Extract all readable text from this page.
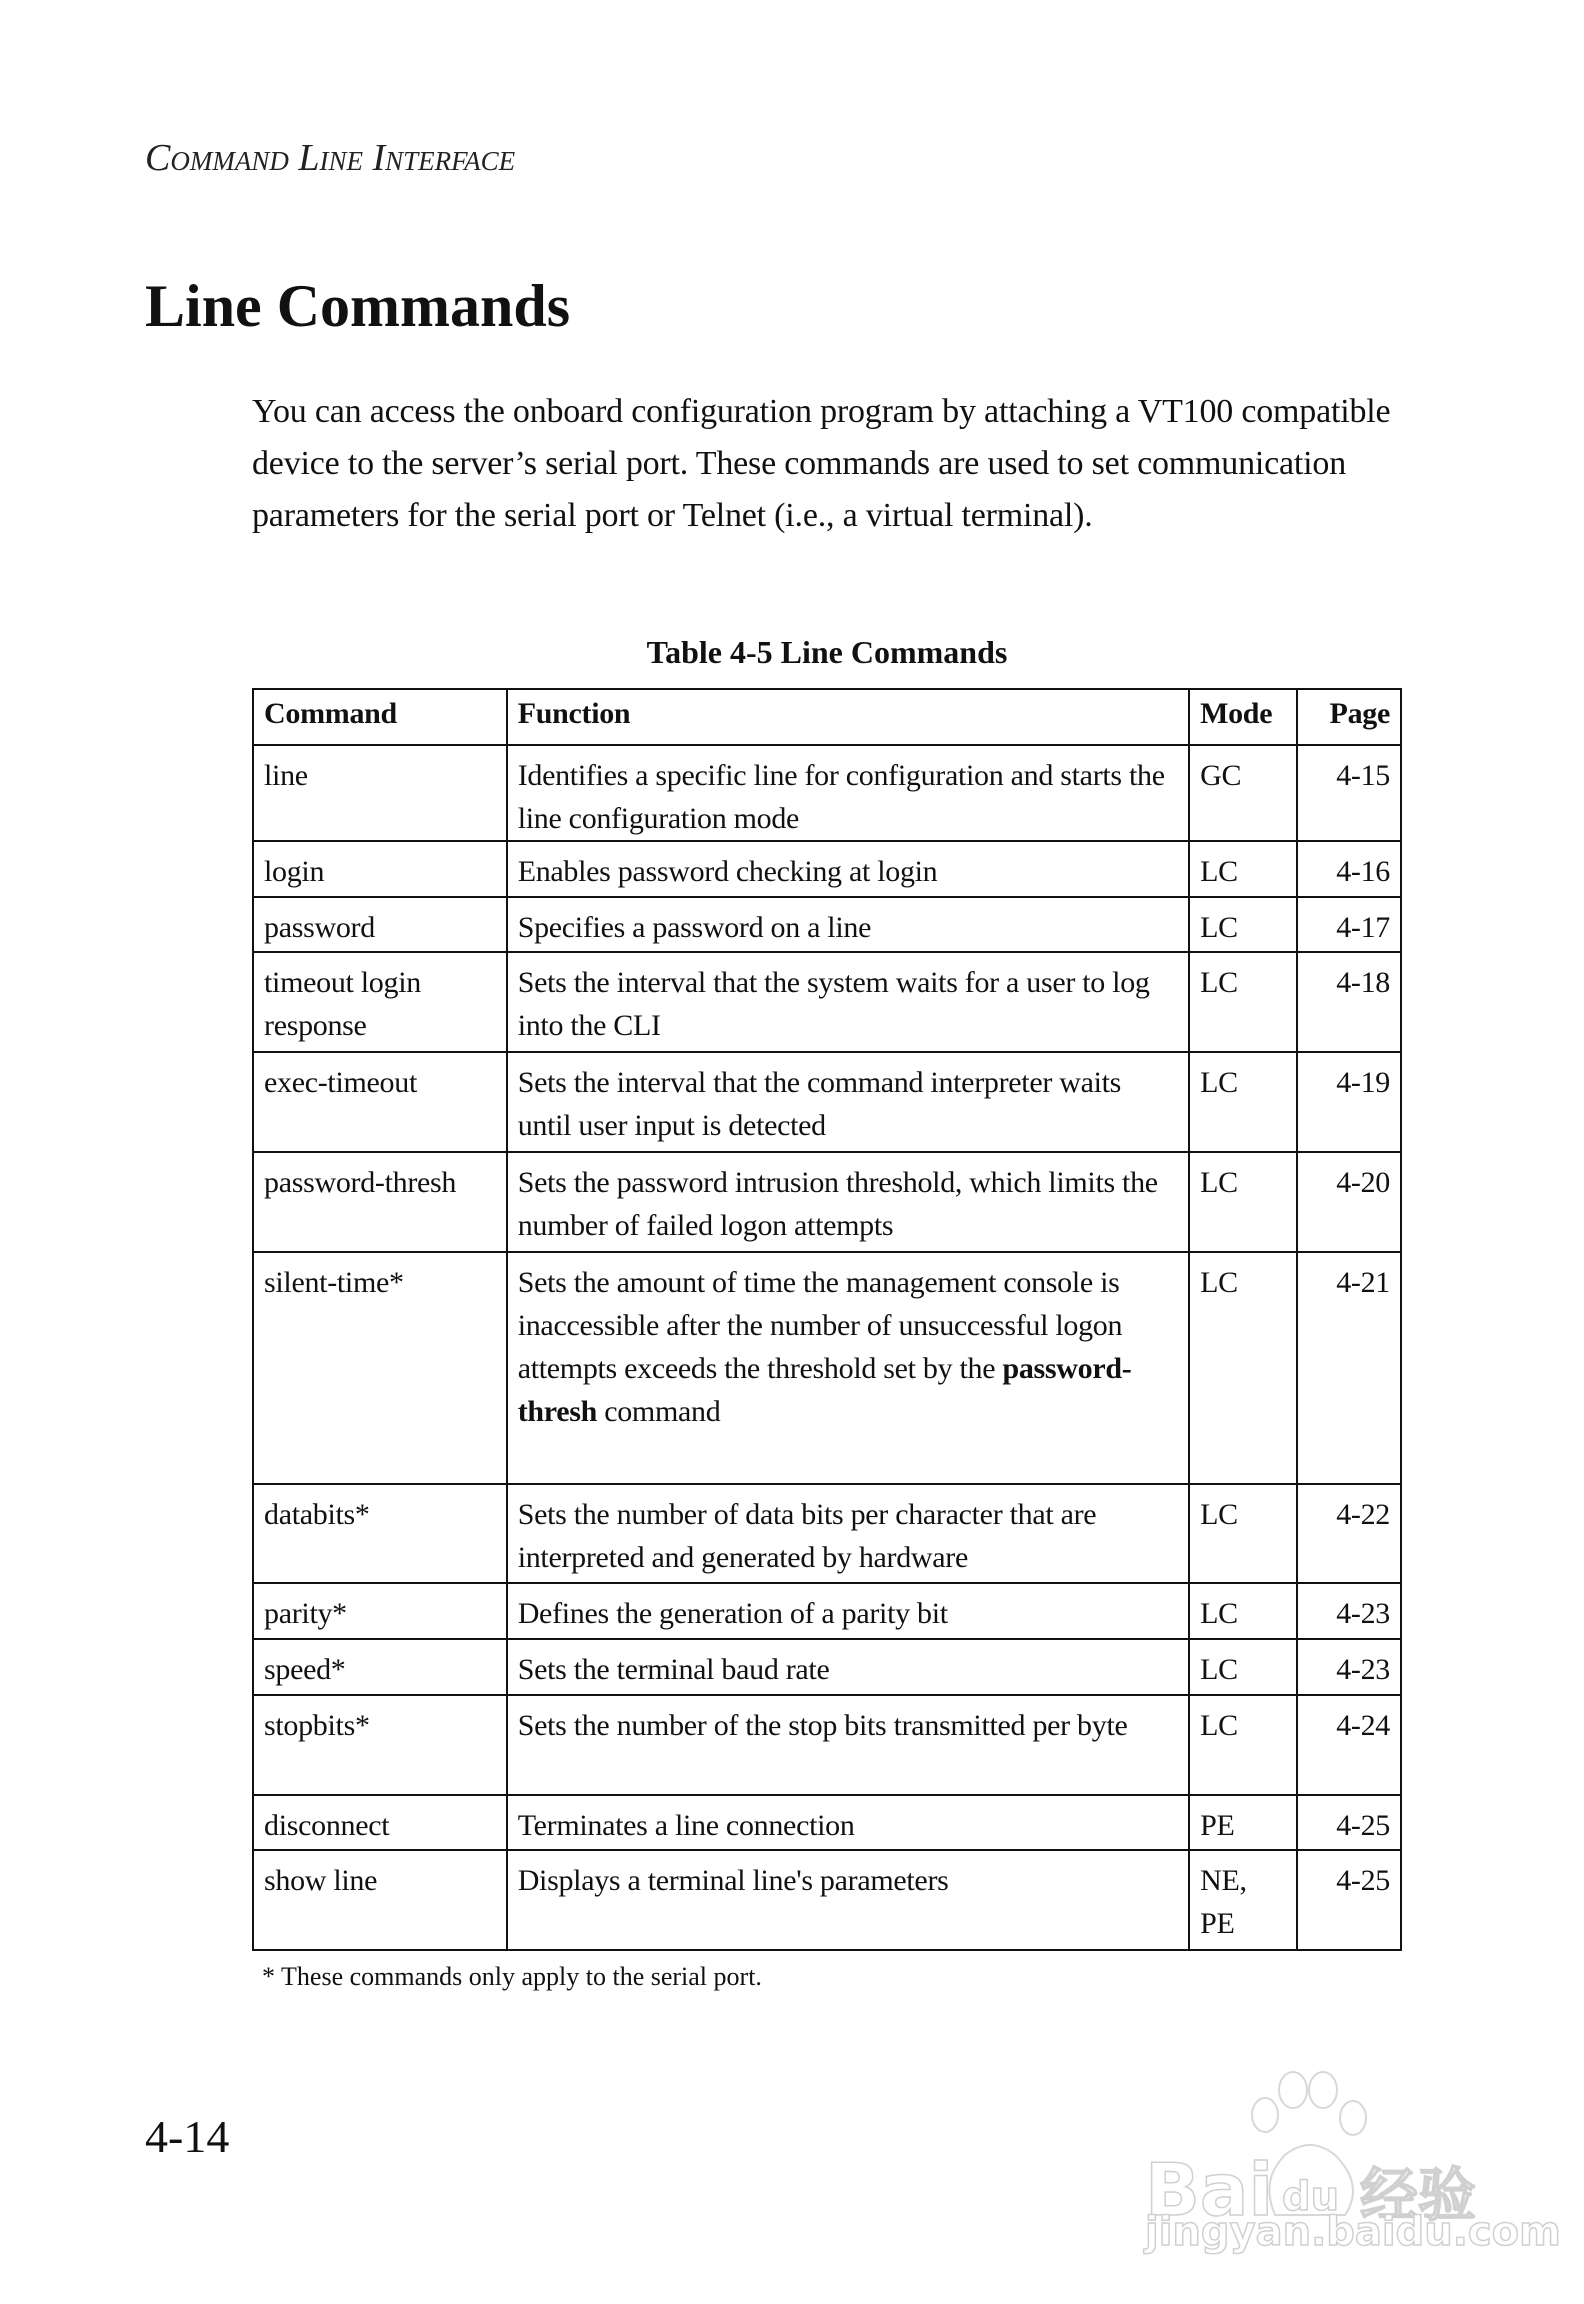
Command Line Interface
Line Commands

You can access the onboard configuration program by attaching a VT100 compatible device to the server’s serial port. These commands are used to set communication parameters for the serial port or Telnet (i.e., a virtual terminal).

Table 4-5 Line Commands
Command	Function	Mode	Page
line	Identifies a specific line for configuration and starts the line configuration mode	GC	4-15
login	Enables password checking at login	LC	4-16
password	Specifies a password on a line	LC	4-17
timeout login response	Sets the interval that the system waits for a user to log into the CLI	LC	4-18
exec-timeout	Sets the interval that the command interpreter waits until user input is detected	LC	4-19
password-thresh	Sets the password intrusion threshold, which limits the number of failed logon attempts	LC	4-20
silent-time*	Sets the amount of time the management console is inaccessible after the number of unsuccessful logon attempts exceeds the threshold set by the password-thresh command	LC	4-21
databits*	Sets the number of data bits per character that are interpreted and generated by hardware	LC	4-22
parity*	Defines the generation of a parity bit	LC	4-23
speed*	Sets the terminal baud rate	LC	4-23
stopbits*	Sets the number of the stop bits transmitted per byte	LC	4-24
disconnect	Terminates a line connection	PE	4-25
show line	Displays a terminal line's parameters	NE, PE	4-25
* These commands only apply to the serial port.
4-14
Bai du 经验
jingyan.baidu.com
